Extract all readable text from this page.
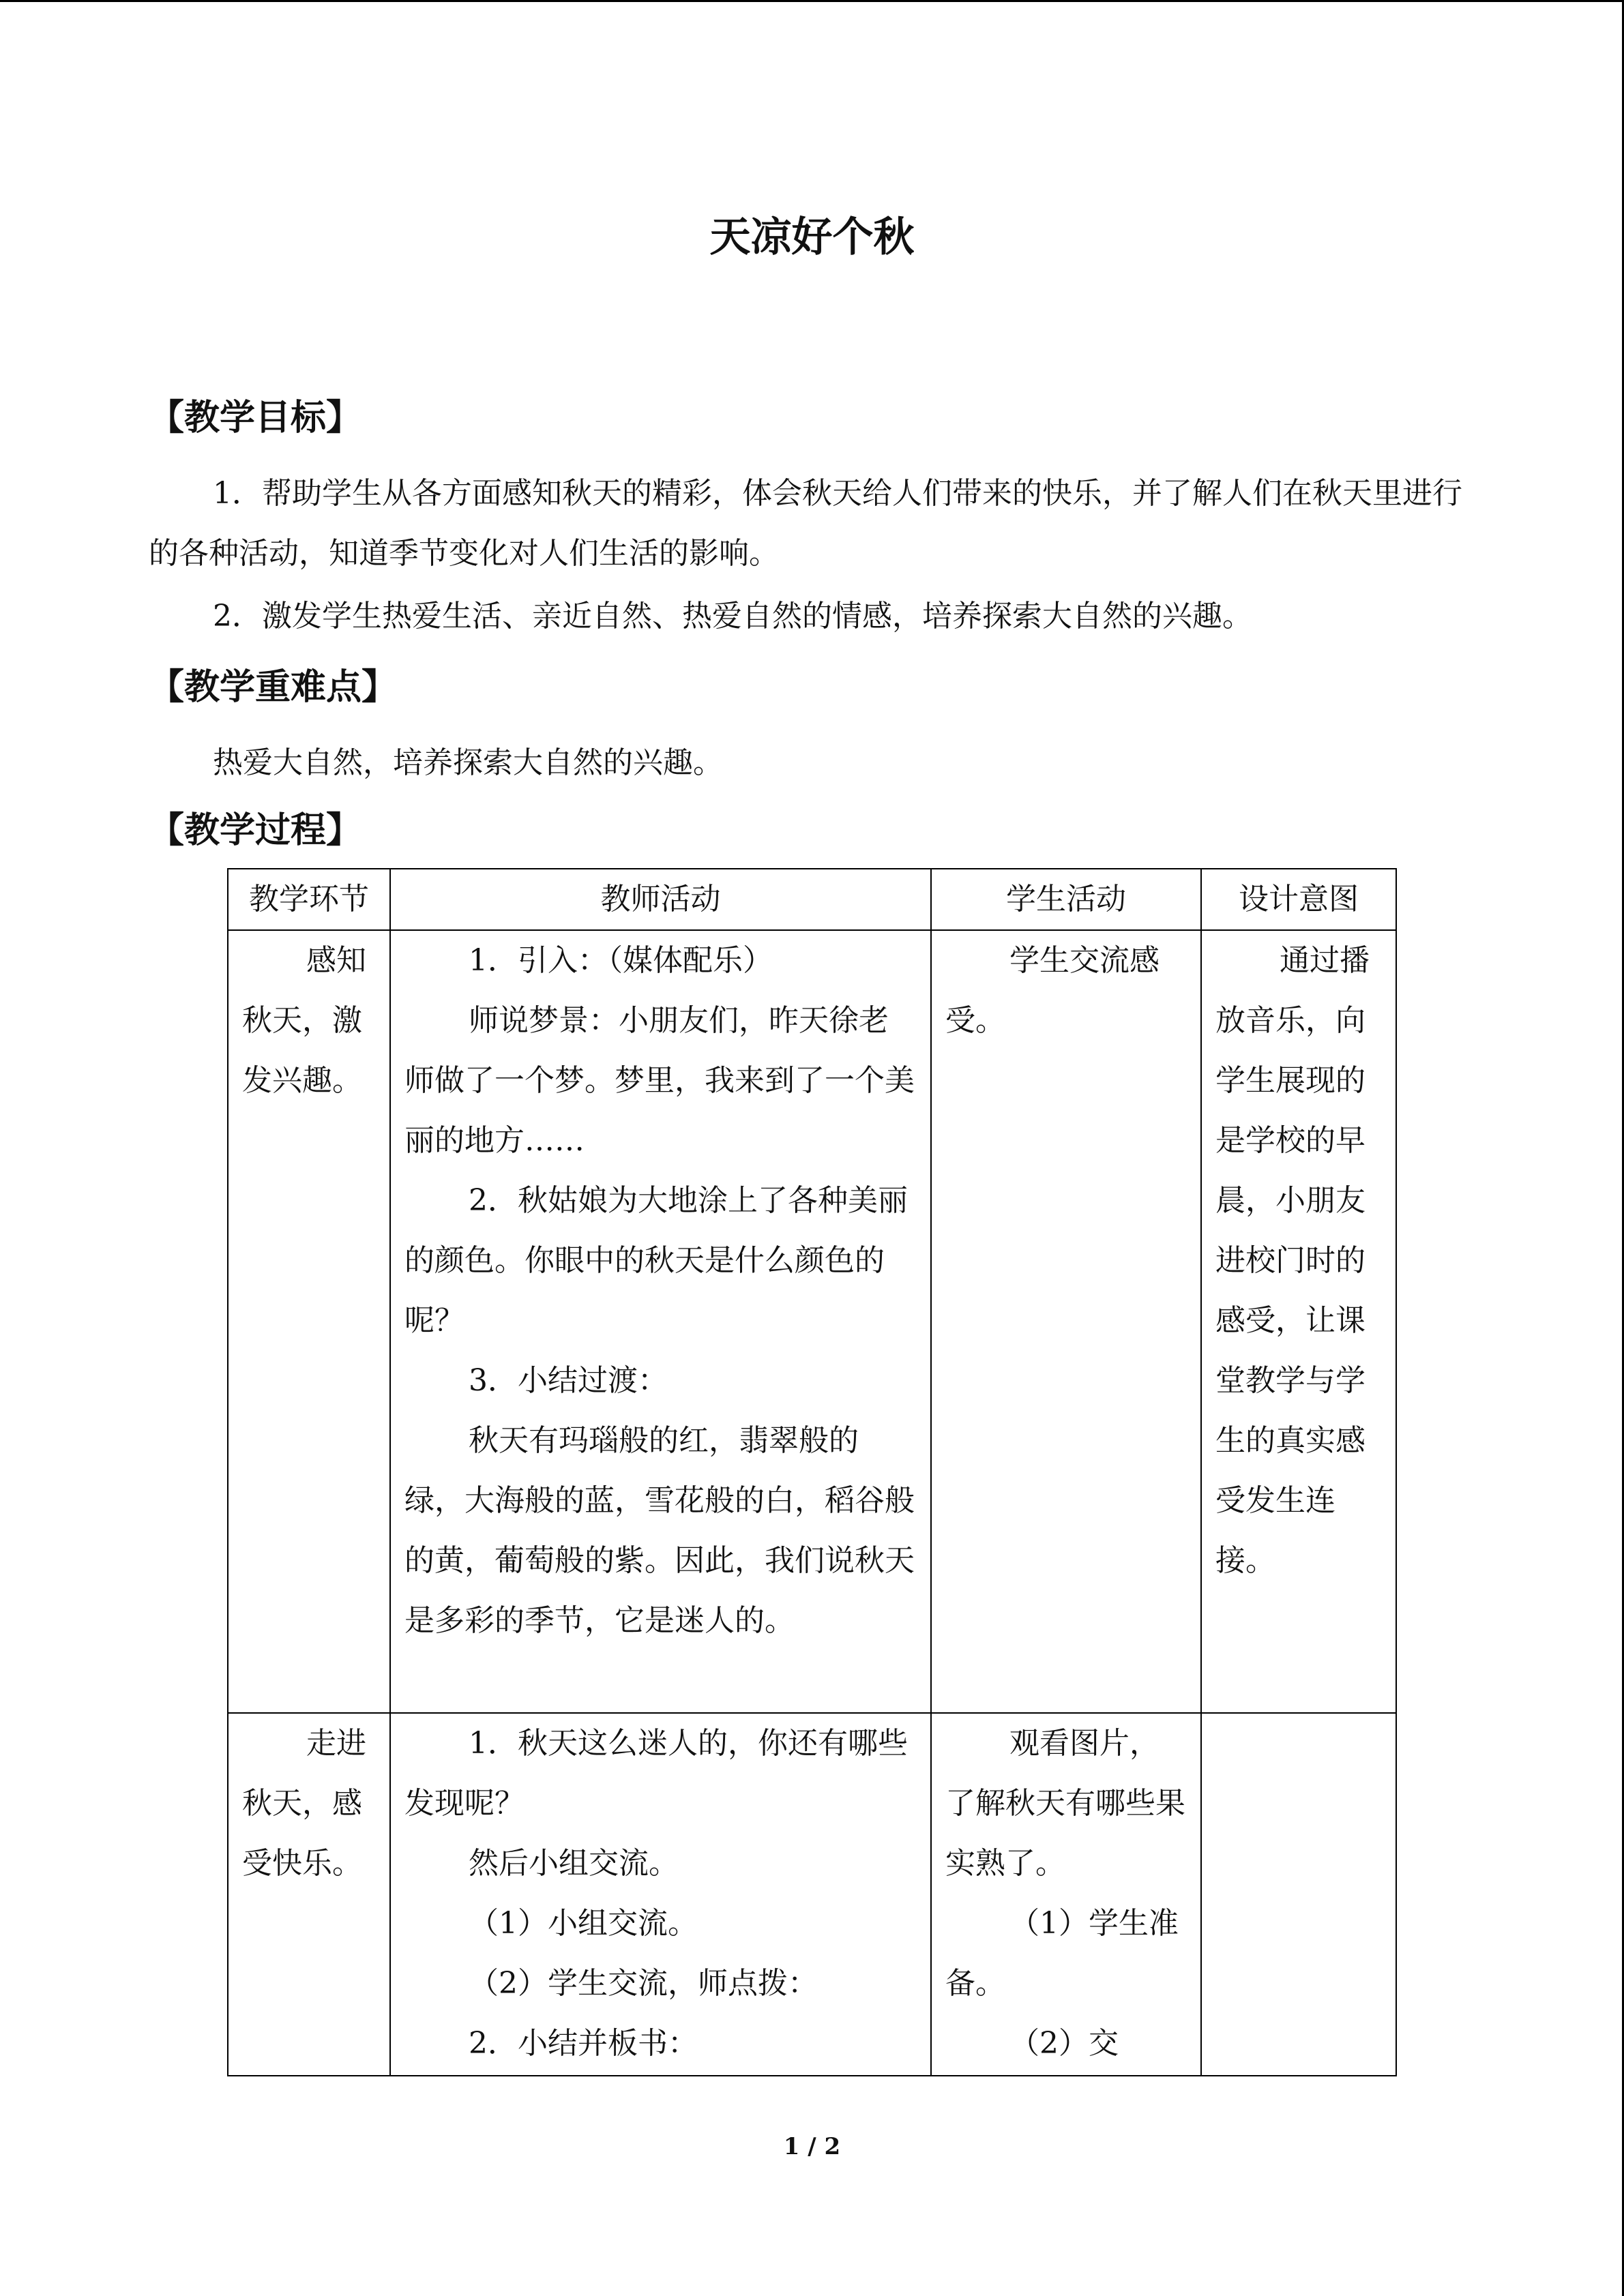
天凉好个秋
【教学目标】
1．帮助学生从各方面感知秋天的精彩，体会秋天给人们带来的快乐，并了解人们在秋天里进行的各种活动，知道季节变化对人们生活的影响。
2．激发学生热爱生活、亲近自然、热爱自然的情感，培养探索大自然的兴趣。
【教学重难点】
热爱大自然，培养探索大自然的兴趣。
【教学过程】
教学环节	教师活动	学生活动	设计意图
感知秋天，激发兴趣。	1．引入：（媒体配乐）
师说梦景：小朋友们，昨天徐老师做了一个梦。梦里，我来到了一个美丽的地方……
2．秋姑娘为大地涂上了各种美丽的颜色。你眼中的秋天是什么颜色的呢？
3．小结过渡：
秋天有玛瑙般的红，翡翠般的绿，大海般的蓝，雪花般的白，稻谷般的黄，葡萄般的紫。因此，我们说秋天是多彩的季节，它是迷人的。	学生交流感受。	通过播放音乐，向学生展现的是学校的早晨，小朋友进校门时的感受，让课堂教学与学生的真实感受发生连接。
走进秋天，感受快乐。	1．秋天这么迷人的，你还有哪些发现呢？
然后小组交流。
（1）小组交流。
（2）学生交流，师点拨：
2．小结并板书：	观看图片，了解秋天有哪些果实熟了。
（1）学生准备。
（2）交	

1 / 2
